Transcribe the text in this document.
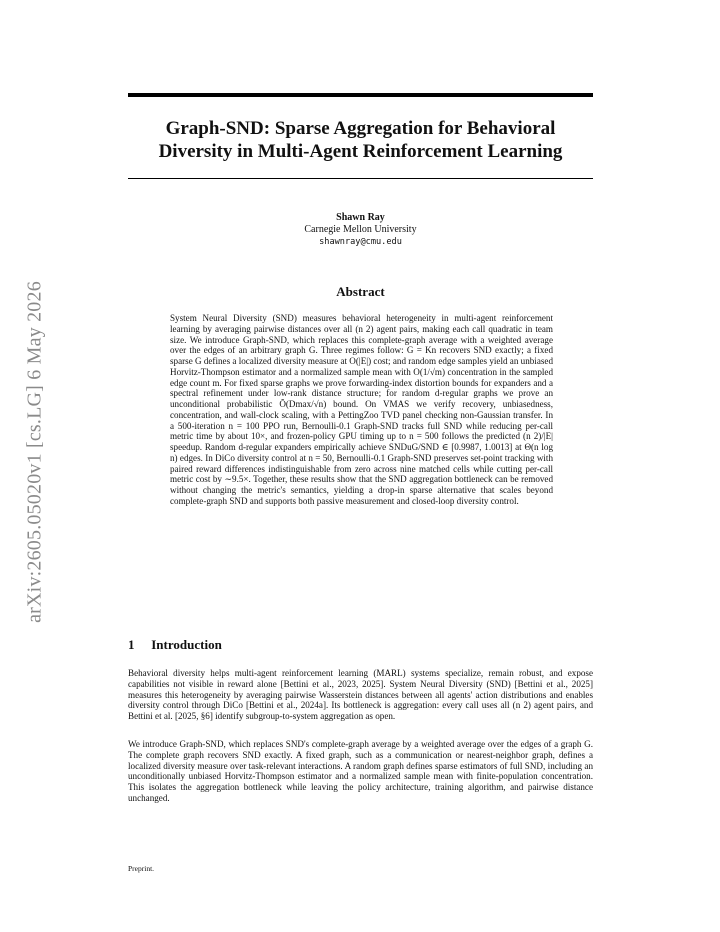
arXiv:2605.05020v1 [cs.LG] 6 May 2026
Graph-SND: Sparse Aggregation for Behavioral Diversity in Multi-Agent Reinforcement Learning
Shawn Ray
Carnegie Mellon University
shawnray@cmu.edu
Abstract
System Neural Diversity (SND) measures behavioral heterogeneity in multi-agent reinforcement learning by averaging pairwise distances over all (n 2) agent pairs, making each call quadratic in team size. We introduce Graph-SND, which replaces this complete-graph average with a weighted average over the edges of an arbitrary graph G. Three regimes follow: G = Kn recovers SND exactly; a fixed sparse G defines a localized diversity measure at O(|E|) cost; and random edge samples yield an unbiased Horvitz-Thompson estimator and a normalized sample mean with O(1/√m) concentration in the sampled edge count m. For fixed sparse graphs we prove forwarding-index distortion bounds for expanders and a spectral refinement under low-rank distance structure; for random d-regular graphs we prove an unconditional probabilistic Õ(Dmax/√n) bound. On VMAS we verify recovery, unbiasedness, concentration, and wall-clock scaling, with a PettingZoo TVD panel checking non-Gaussian transfer. In a 500-iteration n = 100 PPO run, Bernoulli-0.1 Graph-SND tracks full SND while reducing per-call metric time by about 10×, and frozen-policy GPU timing up to n = 500 follows the predicted (n 2)/|E| speedup. Random d-regular expanders empirically achieve SNDuG/SND ∈ [0.9987, 1.0013] at Θ(n log n) edges. In DiCo diversity control at n = 50, Bernoulli-0.1 Graph-SND preserves set-point tracking with paired reward differences indistinguishable from zero across nine matched cells while cutting per-call metric cost by ∼9.5×. Together, these results show that the SND aggregation bottleneck can be removed without changing the metric's semantics, yielding a drop-in sparse alternative that scales beyond complete-graph SND and supports both passive measurement and closed-loop diversity control.
1 Introduction
Behavioral diversity helps multi-agent reinforcement learning (MARL) systems specialize, remain robust, and expose capabilities not visible in reward alone [Bettini et al., 2023, 2025]. System Neural Diversity (SND) [Bettini et al., 2025] measures this heterogeneity by averaging pairwise Wasserstein distances between all agents' action distributions and enables diversity control through DiCo [Bettini et al., 2024a]. Its bottleneck is aggregation: every call uses all (n 2) agent pairs, and Bettini et al. [2025, §6] identify subgroup-to-system aggregation as open.
We introduce Graph-SND, which replaces SND's complete-graph average by a weighted average over the edges of a graph G. The complete graph recovers SND exactly. A fixed graph, such as a communication or nearest-neighbor graph, defines a localized diversity measure over task-relevant interactions. A random graph defines sparse estimators of full SND, including an unconditionally unbiased Horvitz-Thompson estimator and a normalized sample mean with finite-population concentration. This isolates the aggregation bottleneck while leaving the policy architecture, training algorithm, and pairwise distance unchanged.
Preprint.
